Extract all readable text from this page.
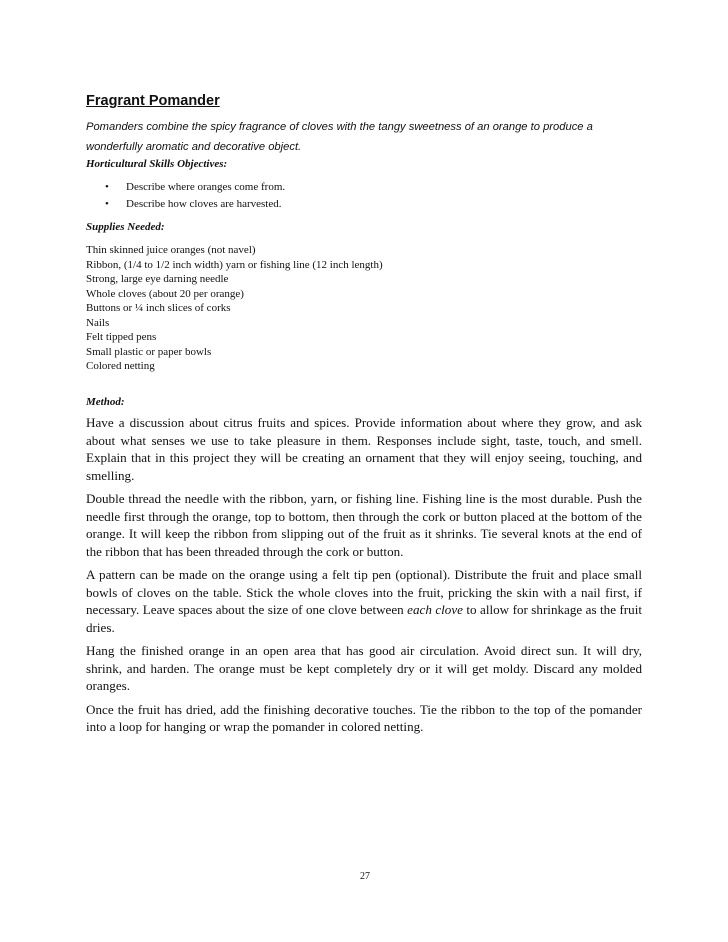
Fragrant Pomander

Pomanders combine the spicy fragrance of cloves with the tangy sweetness of an orange to produce a wonderfully aromatic and decorative object.

Horticultural Skills Objectives:

• Describe where oranges come from.
• Describe how cloves are harvested.

Supplies Needed:

Thin skinned juice oranges (not navel)
Ribbon, (1/4 to 1/2 inch width) yarn or fishing line (12 inch length)
Strong, large eye darning needle
Whole cloves (about 20 per orange)
Buttons or ¼ inch slices of corks
Nails
Felt tipped pens
Small plastic or paper bowls
Colored netting

Method:

Have a discussion about citrus fruits and spices. Provide information about where they grow, and ask about what senses we use to take pleasure in them. Responses include sight, taste, touch, and smell. Explain that in this project they will be creating an ornament that they will enjoy seeing, touching, and smelling.

Double thread the needle with the ribbon, yarn, or fishing line. Fishing line is the most durable. Push the needle first through the orange, top to bottom, then through the cork or button placed at the bottom of the orange. It will keep the ribbon from slipping out of the fruit as it shrinks. Tie several knots at the end of the ribbon that has been threaded through the cork or button.

A pattern can be made on the orange using a felt tip pen (optional). Distribute the fruit and place small bowls of cloves on the table. Stick the whole cloves into the fruit, pricking the skin with a nail first, if necessary. Leave spaces about the size of one clove between each clove to allow for shrinkage as the fruit dries.

Hang the finished orange in an open area that has good air circulation. Avoid direct sun. It will dry, shrink, and harden. The orange must be kept completely dry or it will get moldy. Discard any molded oranges.

Once the fruit has dried, add the finishing decorative touches. Tie the ribbon to the top of the pomander into a loop for hanging or wrap the pomander in colored netting.

27
